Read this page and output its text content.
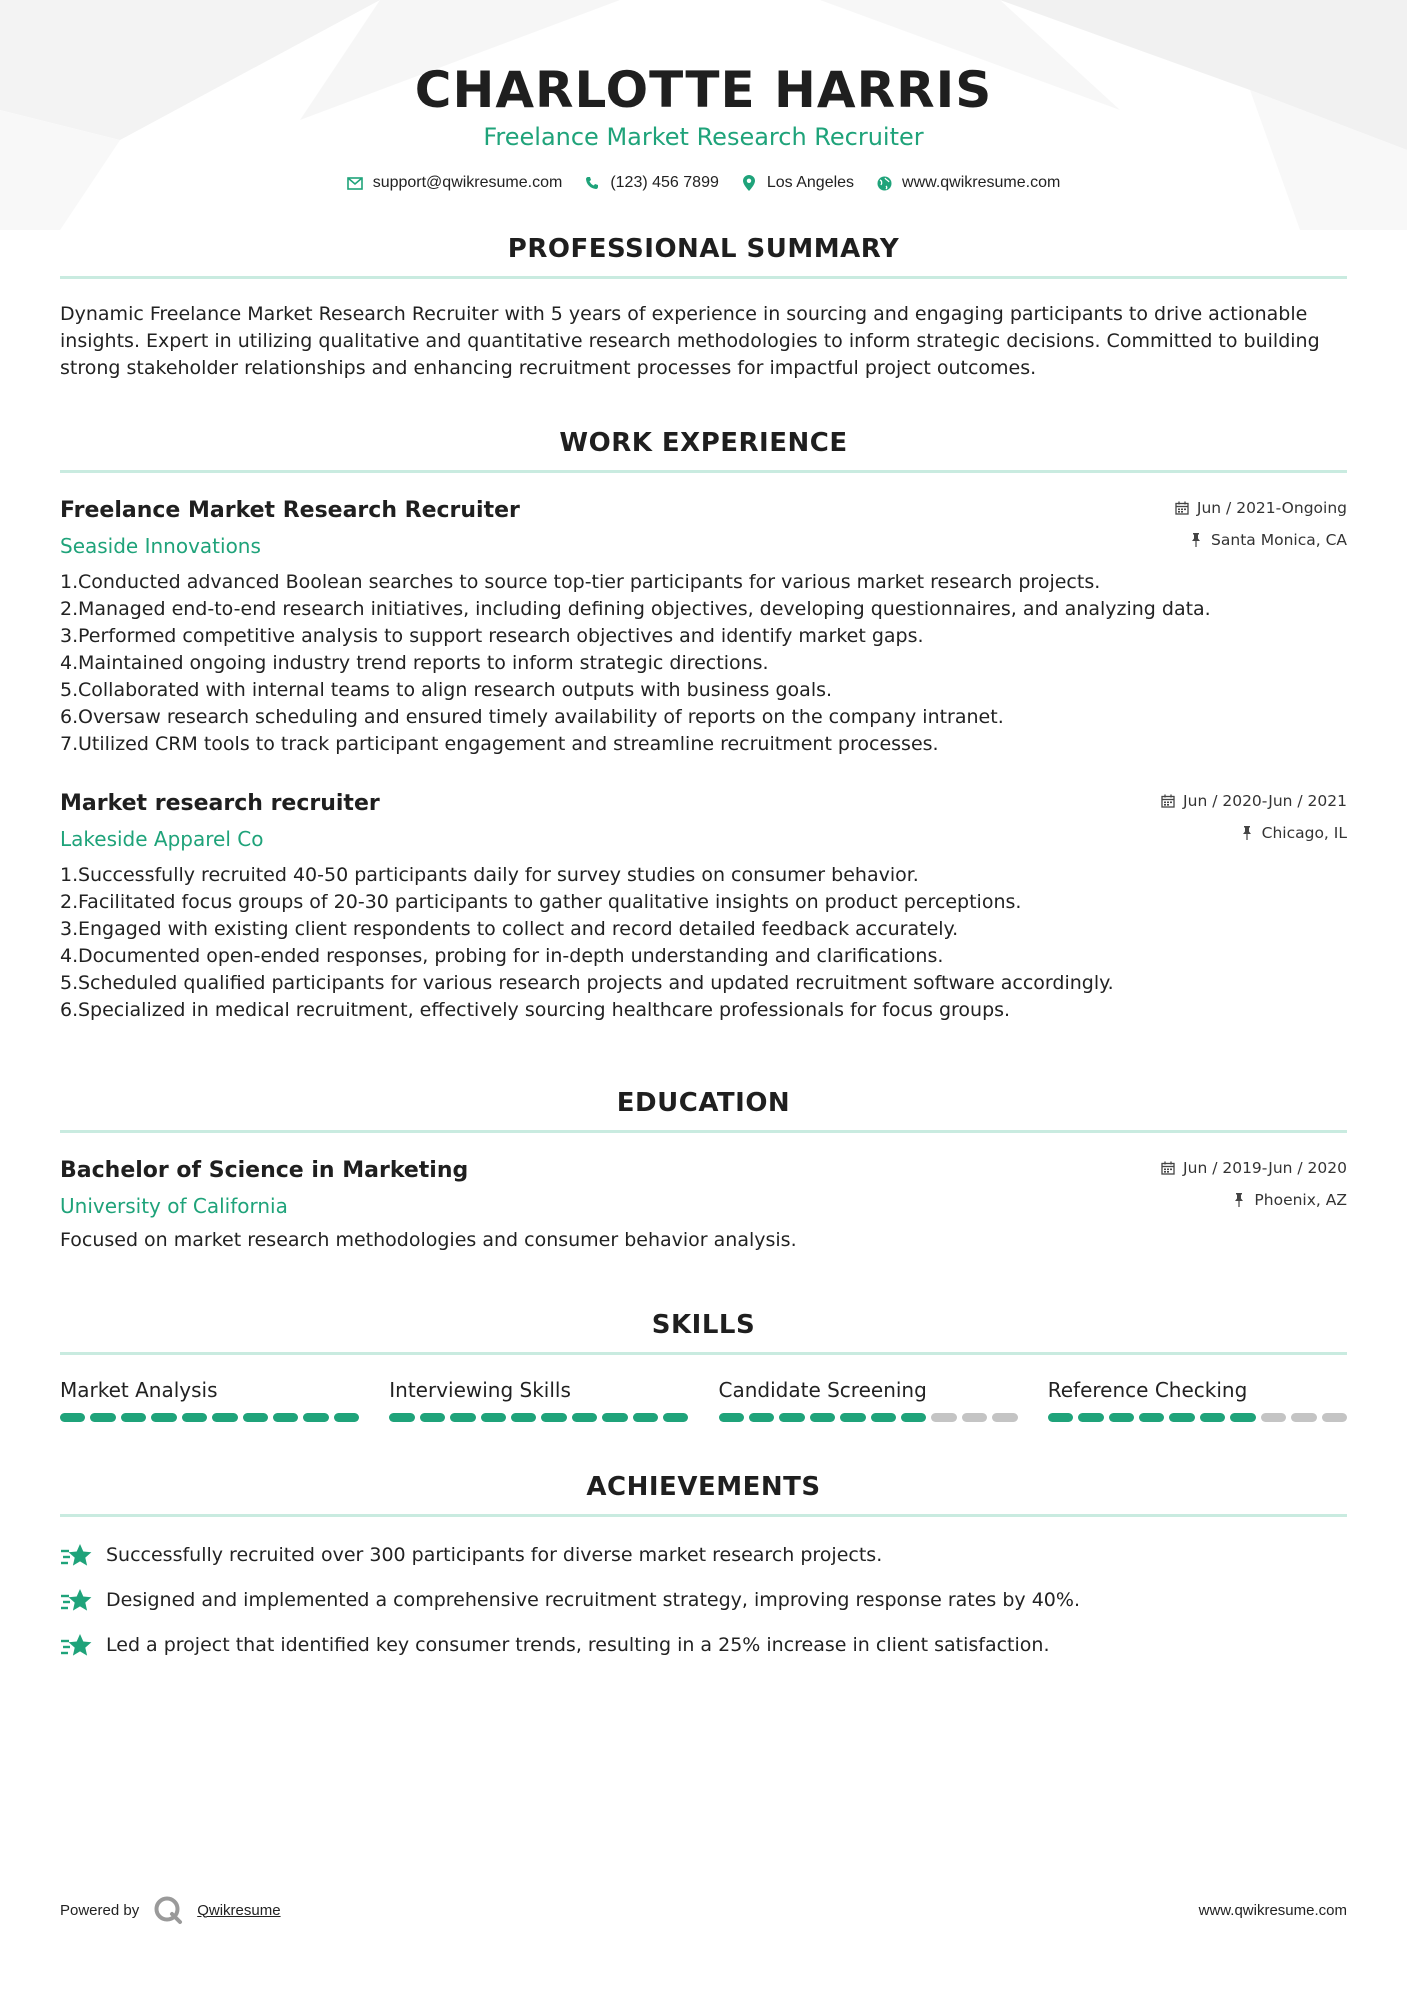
CHARLOTTE HARRIS
Freelance Market Research Recruiter
support@qwikresume.com	(123) 456 7899	Los Angeles	www.qwikresume.com
PROFESSIONAL SUMMARY

Dynamic Freelance Market Research Recruiter with 5 years of experience in sourcing and engaging participants to drive actionable insights. Expert in utilizing qualitative and quantitative research methodologies to inform strategic decisions. Committed to building strong stakeholder relationships and enhancing recruitment processes for impactful project outcomes.

WORK EXPERIENCE
Freelance Market Research Recruiter
Seaside Innovations
Jun / 2021-Ongoing
Santa Monica, CA
1. Conducted advanced Boolean searches to source top-tier participants for various market research projects.
2. Managed end-to-end research initiatives, including defining objectives, developing questionnaires, and analyzing data.
3. Performed competitive analysis to support research objectives and identify market gaps.
4. Maintained ongoing industry trend reports to inform strategic directions.
5. Collaborated with internal teams to align research outputs with business goals.
6. Oversaw research scheduling and ensured timely availability of reports on the company intranet.
7. Utilized CRM tools to track participant engagement and streamline recruitment processes.
Market research recruiter
Lakeside Apparel Co
Jun / 2020-Jun / 2021
Chicago, IL
1. Successfully recruited 40-50 participants daily for survey studies on consumer behavior.
2. Facilitated focus groups of 20-30 participants to gather qualitative insights on product perceptions.
3. Engaged with existing client respondents to collect and record detailed feedback accurately.
4. Documented open-ended responses, probing for in-depth understanding and clarifications.
5. Scheduled qualified participants for various research projects and updated recruitment software accordingly.
6. Specialized in medical recruitment, effectively sourcing healthcare professionals for focus groups.
EDUCATION
Bachelor of Science in Marketing
University of California
Jun / 2019-Jun / 2020
Phoenix, AZ

Focused on market research methodologies and consumer behavior analysis.

SKILLS
Market Analysis	Interviewing Skills	Candidate Screening	Reference Checking
ACHIEVEMENTS
Successfully recruited over 300 participants for diverse market research projects.
Designed and implemented a comprehensive recruitment strategy, improving response rates by 40%.
Led a project that identified key consumer trends, resulting in a 25% increase in client satisfaction.
Powered by	Qwikresume	www.qwikresume.com
